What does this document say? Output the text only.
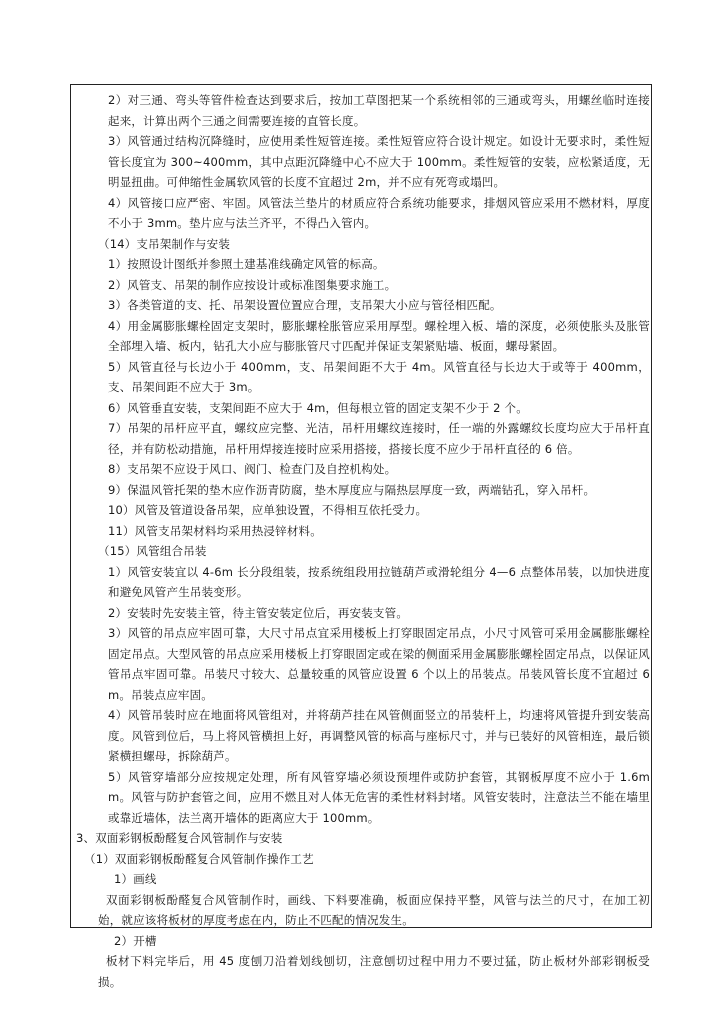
2）对三通、弯头等管件检查达到要求后，按加工草图把某一个系统相邻的三通或弯头，用螺丝临时连接起来，计算出两个三通之间需要连接的直管长度。

3）风管通过结构沉降缝时，应使用柔性短管连接。柔性短管应符合设计规定。如设计无要求时，柔性短管长度宜为 300~400mm，其中点距沉降缝中心不应大于 100mm。柔性短管的安装，应松紧适度，无明显扭曲。可伸缩性金属软风管的长度不宜超过 2m，并不应有死弯或塌凹。

4）风管接口应严密、牢固。风管法兰垫片的材质应符合系统功能要求，排烟风管应采用不燃材料，厚度不小于 3mm。垫片应与法兰齐平，不得凸入管内。

（14）支吊架制作与安装

1）按照设计图纸并参照土建基准线确定风管的标高。

2）风管支、吊架的制作应按设计或标准图集要求施工。

3）各类管道的支、托、吊架设置位置应合理，支吊架大小应与管径相匹配。

4）用金属膨胀螺栓固定支架时，膨胀螺栓胀管应采用厚型。螺栓埋入板、墙的深度，必须使胀头及胀管全部埋入墙、板内，钻孔大小应与膨胀管尺寸匹配并保证支架紧贴墙、板面，螺母紧固。

5）风管直径与长边小于 400mm，支、吊架间距不大于 4m。风管直径与长边大于或等于 400mm，支、吊架间距不应大于 3m。

6）风管垂直安装，支架间距不应大于 4m，但每根立管的固定支架不少于 2 个。

7）吊架的吊杆应平直，螺纹应完整、光洁，吊杆用螺纹连接时，任一端的外露螺纹长度均应大于吊杆直径，并有防松动措施，吊杆用焊接连接时应采用搭接，搭接长度不应少于吊杆直径的 6 倍。

8）支吊架不应设于风口、阀门、检查门及自控机构处。

9）保温风管托架的垫木应作沥青防腐，垫木厚度应与隔热层厚度一致，两端钻孔，穿入吊杆。

10）风管及管道设备吊架，应单独设置，不得相互依托受力。

11）风管支吊架材料均采用热浸锌材料。

（15）风管组合吊装

1）风管安装宜以 4-6m 长分段组装，按系统组段用拉链葫芦或滑轮组分 4—6 点整体吊装，以加快进度和避免风管产生吊装变形。

2）安装时先安装主管，待主管安装定位后，再安装支管。

3）风管的吊点应牢固可靠，大尺寸吊点宜采用楼板上打穿眼固定吊点，小尺寸风管可采用金属膨胀螺栓固定吊点。大型风管的吊点应采用楼板上打穿眼固定或在梁的侧面采用金属膨胀螺栓固定吊点，以保证风管吊点牢固可靠。吊装尺寸较大、总量较重的风管应设置 6 个以上的吊装点。吊装风管长度不宜超过 6m。吊装点应牢固。

4）风管吊装时应在地面将风管组对，并将葫芦挂在风管侧面竖立的吊装杆上，均速将风管提升到安装高度。风管到位后，马上将风管横担上好，再调整风管的标高与座标尺寸，并与已装好的风管相连，最后锁紧横担螺母，拆除葫芦。

5）风管穿墙部分应按规定处理，所有风管穿墙必须设预埋件或防护套管，其钢板厚度不应小于 1.6mm。风管与防护套管之间，应用不燃且对人体无危害的柔性材料封堵。风管安装时，注意法兰不能在墙里或靠近墙体，法兰离开墙体的距离应大于 100mm。

3、双面彩钢板酚醛复合风管制作与安装

（1）双面彩钢板酚醛复合风管制作操作工艺

1）画线

双面彩钢板酚醛复合风管制作时，画线、下料要准确，板面应保持平整，风管与法兰的尺寸，在加工初始，就应该将板材的厚度考虑在内，防止不匹配的情况发生。

2）开槽

板材下料完毕后，用 45 度刨刀沿着划线刨切，注意刨切过程中用力不要过猛，防止板材外部彩钢板受损。
